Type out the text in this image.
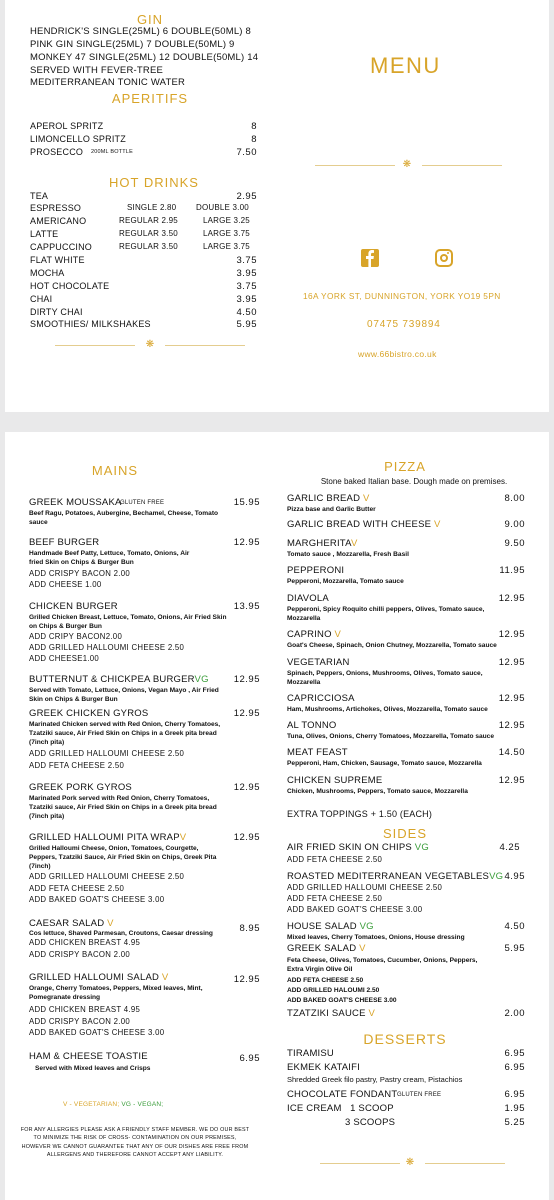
GIN
HENDRICK'S SINGLE(25ML) 6 DOUBLE(50ML) 8
PINK GIN SINGLE(25ML) 7 DOUBLE(50ML) 9
MONKEY 47 SINGLE(25ML) 12 DOUBLE(50ML) 14
SERVED WITH FEVER-TREE
MEDITERRANEAN TONIC WATER
APERITIFS
APEROL SPRITZ	8
LIMONCELLO SPRITZ	8
PROSECCO 200ML BOTTLE	7.50
HOT DRINKS
TEA	2.95
ESPRESSO	SINGLE 2.80 DOUBLE 3.00
AMERICANO	REGULAR 2.95	LARGE 3.25
LATTE	REGULAR 3.50	LARGE 3.75
CAPPUCCINO	REGULAR 3.50	LARGE 3.75
FLAT WHITE	3.75
MOCHA	3.95
HOT CHOCOLATE	3.75
CHAI	3.95
DIRTY CHAI	4.50
SMOOTHIES/ MILKSHAKES	5.95
❋
MENU
❋
16A YORK ST, DUNNINGTON, YORK YO19 5PN
07475 739894
www.66bistro.co.uk
MAINS
GREEK MOUSSAKA
GLUTEN FREE	15.95
Beef Ragu, Potatoes, Aubergine, Bechamel, Cheese, Tomato sauce
BEEF BURGER	12.95
Handmade Beef Patty, Lettuce, Tomato, Onions, Air fried Skin on Chips & Burger Bun
ADD CRISPY BACON 2.00
ADD CHEESE 1.00
CHICKEN BURGER	13.95
Grilled Chicken Breast, Lettuce, Tomato, Onions, Air Fried Skin on Chips & Burger Bun
ADD CRIPY BACON2.00
ADD GRILLED HALLOUMI CHEESE 2.50
ADD CHEESE1.00
BUTTERNUT & CHICKPEA BURGERVG	12.95
Served with Tomato, Lettuce, Onions, Vegan Mayo , Air Fried Skin on Chips & Burger Bun
GREEK CHICKEN GYROS	12.95
Marinated Chicken served with Red Onion, Cherry Tomatoes, Tzatziki sauce, Air Fried Skin on Chips in a Greek pita bread (7inch pita)
ADD GRILLED HALLOUMI CHEESE 2.50
ADD FETA CHEESE 2.50
GREEK PORK GYROS	12.95
Marinated Pork served with Red Onion, Cherry Tomatoes, Tzatziki sauce, Air Fried Skin on Chips in a Greek pita bread (7inch pita)
GRILLED HALLOUMI PITA WRAPV	12.95
Grilled Halloumi Cheese, Onion, Tomatoes, Courgette, Peppers, Tzatziki Sauce, Air Fried Skin on Chips, Greek Pita (7inch)
ADD GRILLED HALLOUMI CHEESE 2.50
ADD FETA CHEESE 2.50
ADD BAKED GOAT'S CHEESE 3.00
CAESAR SALAD V	8.95
Cos lettuce, Shaved Parmesan, Croutons, Caesar dressing
ADD CHICKEN BREAST 4.95
ADD CRISPY BACON 2.00
GRILLED HALLOUMI SALAD V	12.95
Orange, Cherry Tomatoes, Peppers, Mixed leaves, Mint, Pomegranate dressing
ADD CHICKEN BREAST 4.95
ADD CRISPY BACON 2.00
ADD BAKED GOAT'S CHEESE 3.00
HAM & CHEESE TOASTIE	6.95
Served with Mixed leaves and Crisps
V - VEGETARIAN; VG - VEGAN;
FOR ANY ALLERGIES PLEASE ASK A FRIENDLY STAFF MEMBER. WE DO OUR BEST TO MINIMIZE THE RISK OF CROSS- CONTAMINATION ON OUR PREMISES, HOWEVER WE CANNOT GUARANTEE THAT ANY OF OUR DISHES ARE FREE FROM ALLERGENS AND THEREFORE CANNOT ACCEPT ANY LIABILITY.
PIZZA
Stone baked Italian base. Dough made on premises.
GARLIC BREAD V	8.00
Pizza base and Garlic Butter
GARLIC BREAD WITH CHEESE V	9.00
MARGHERITAV	9.50
Tomato sauce , Mozzarella, Fresh Basil
PEPPERONI	11.95
Pepperoni, Mozzarella, Tomato sauce
DIAVOLA	12.95
Pepperoni, Spicy Roquito chilli peppers, Olives, Tomato sauce, Mozzarella
CAPRINO V	12.95
Goat's Cheese, Spinach, Onion Chutney, Mozzarella, Tomato sauce
VEGETARIAN	12.95
Spinach, Peppers, Onions, Mushrooms, Olives, Tomato sauce, Mozzarella
CAPRICCIOSA	12.95
Ham, Mushrooms, Artichokes, Olives, Mozzarella, Tomato sauce
AL TONNO	12.95
Tuna, Olives, Onions, Cherry Tomatoes, Mozzarella, Tomato sauce
MEAT FEAST	14.50
Pepperoni, Ham, Chicken, Sausage, Tomato sauce, Mozzarella
CHICKEN SUPREME	12.95
Chicken, Mushrooms, Peppers, Tomato sauce, Mozzarella
EXTRA TOPPINGS + 1.50 (EACH)
SIDES
AIR FRIED SKIN ON CHIPS VG	4.25
ADD FETA CHEESE 2.50
ROASTED MEDITERRANEAN VEGETABLESVG 4.95
ADD GRILLED HALLOUMI CHEESE 2.50
ADD FETA CHEESE 2.50
ADD BAKED GOAT'S CHEESE 3.00
HOUSE SALAD VG	4.50
Mixed leaves, Cherry Tomatoes, Onions, House dressing
GREEK SALAD V	5.95
Feta Cheese, Olives, Tomatoes, Cucumber, Onions, Peppers, Extra Virgin Olive Oil
ADD FETA CHEESE 2.50
ADD GRILLED HALOUMI 2.50
ADD BAKED GOAT'S CHEESE 3.00
TZATZIKI SAUCE V	2.00
DESSERTS
TIRAMISU	6.95
EKMEK KATAIFI	6.95
Shredded Greek filo pastry, Pastry cream, Pistachios
CHOCOLATE FONDANT GLUTEN FREE	6.95
ICE CREAM   1 SCOOP	1.95
3 SCOOPS	5.25
❋
